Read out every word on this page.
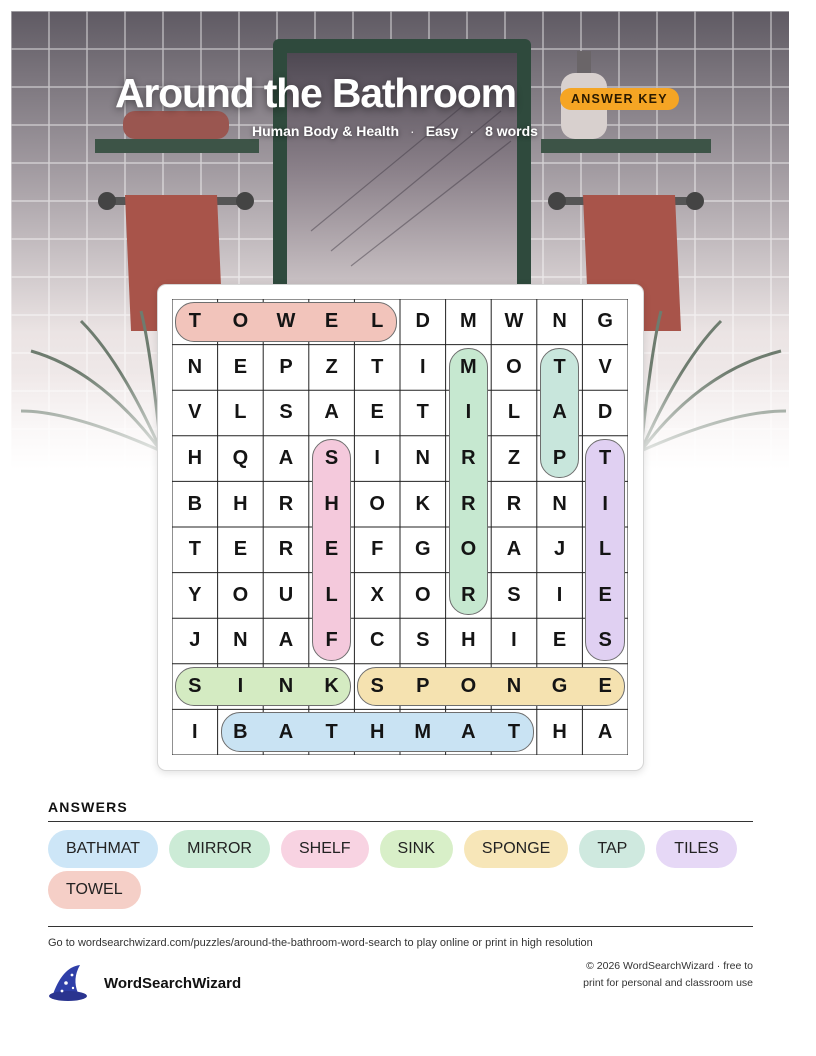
Around the Bathroom	ANSWER KEY
Human Body & Health · Easy · 8 words
T	O	W	E	L	D	M	W	N	G
N	E	P	Z	T	I	M	O	T	V
V	L	S	A	E	T	I	L	A	D
H	Q	A	S	I	N	R	Z	P	T
B	H	R	H	O	K	R	R	N	I
T	E	R	E	F	G	O	A	J	L
Y	O	U	L	X	O	R	S	I	E
J	N	A	F	C	S	H	I	E	S
S	I	N	K	S	P	O	N	G	E
I	B	A	T	H	M	A	T	H	A
ANSWERS
BATHMAT	MIRROR	SHELF	SINK	SPONGE	TAP	TILES
TOWEL
Go to wordsearchwizard.com/puzzles/around-the-bathroom-word-search to play online or print in high resolution
WordSearchWizard
© 2026 WordSearchWizard · free to print for personal and classroom use
